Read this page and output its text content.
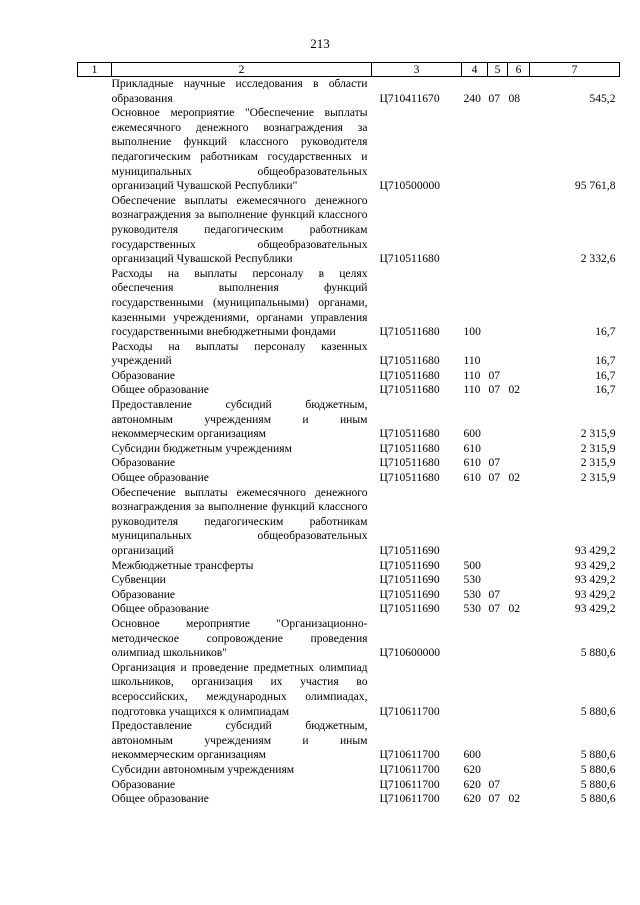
213
1	2	3	4	5	6	7
	Прикладные научные исследования в области образования	Ц710411670	240	07	08	545,2
	Основное мероприятие "Обеспечение выплаты ежемесячного денежного вознаграждения за выполнение функций классного руководителя педагогическим работникам государственных и муниципальных общеобразовательных организаций Чувашской Республики"	Ц710500000				95 761,8
	Обеспечение выплаты ежемесячного денежного вознаграждения за выполнение функций классного руководителя педагогическим работникам государственных общеобразовательных организаций Чувашской Республики	Ц710511680				2 332,6
	Расходы на выплаты персоналу в целях обеспечения выполнения функций государственными (муниципальными) органами, казенными учреждениями, органами управления государственными внебюджетными фондами	Ц710511680	100			16,7
	Расходы на выплаты персоналу казенных учреждений	Ц710511680	110			16,7
	Образование	Ц710511680	110	07		16,7
	Общее образование	Ц710511680	110	07	02	16,7
	Предоставление субсидий бюджетным, автономным учреждениям и иным некоммерческим организациям	Ц710511680	600			2 315,9
	Субсидии бюджетным учреждениям	Ц710511680	610			2 315,9
	Образование	Ц710511680	610	07		2 315,9
	Общее образование	Ц710511680	610	07	02	2 315,9
	Обеспечение выплаты ежемесячного денежного вознаграждения за выполнение функций классного руководителя педагогическим работникам муниципальных общеобразовательных организаций	Ц710511690				93 429,2
	Межбюджетные трансферты	Ц710511690	500			93 429,2
	Субвенции	Ц710511690	530			93 429,2
	Образование	Ц710511690	530	07		93 429,2
	Общее образование	Ц710511690	530	07	02	93 429,2
	Основное мероприятие "Организационно-методическое сопровождение проведения олимпиад школьников"	Ц710600000				5 880,6
	Организация и проведение предметных олимпиад школьников, организация их участия во всероссийских, международных олимпиадах, подготовка учащихся к олимпиадам	Ц710611700				5 880,6
	Предоставление субсидий бюджетным, автономным учреждениям и иным некоммерческим организациям	Ц710611700	600			5 880,6
	Субсидии автономным учреждениям	Ц710611700	620			5 880,6
	Образование	Ц710611700	620	07		5 880,6
	Общее образование	Ц710611700	620	07	02	5 880,6
